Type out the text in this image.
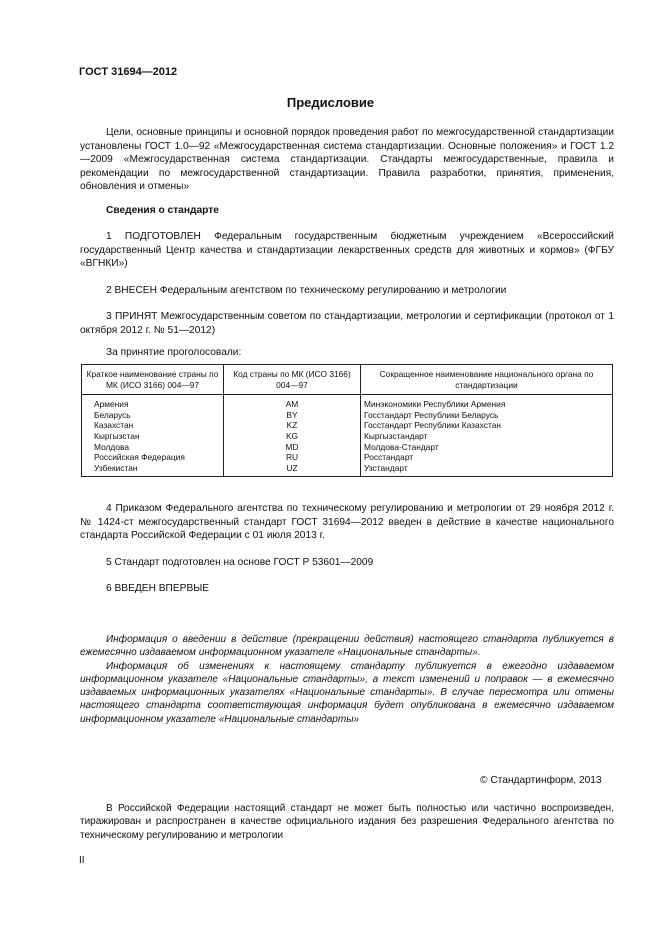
ГОСТ 31694—2012
Предисловие

Цели, основные принципы и основной порядок проведения работ по межгосударственной стандартизации установлены ГОСТ 1.0—92 «Межгосударственная система стандартизации. Основные положения» и ГОСТ 1.2—2009 «Межгосударственная система стандартизации. Стандарты межгосударственные, правила и рекомендации по межгосударственной стандартизации. Правила разработки, принятия, применения, обновления и отмены»

Сведения о стандарте

1 ПОДГОТОВЛЕН Федеральным государственным бюджетным учреждением «Всероссийский государственный Центр качества и стандартизации лекарственных средств для животных и кормов» (ФГБУ «ВГНКИ»)

2 ВНЕСЕН Федеральным агентством по техническому регулированию и метрологии

3 ПРИНЯТ Межгосударственным советом по стандартизации, метрологии и сертификации (протокол от 1 октября 2012 г. № 51—2012)

За принятие проголосовали:
Краткое наименование страны по МК (ИСО 3166) 004—97	Код страны по МК (ИСО 3166) 004—97	Сокращенное наименование национального органа по стандартизации
Армения	AM	Минэкономики Республики Армения
Беларусь	BY	Госстандарт Республики Беларусь
Казахстан	KZ	Госстандарт Республики Казахстан
Кыргызстан	KG	Кыргызстандарт
Молдова	MD	Молдова-Стандарт
Российская Федерация	RU	Росстандарт
Узбекистан	UZ	Узстандарт

4 Приказом Федерального агентства по техническому регулированию и метрологии от 29 ноября 2012 г. № 1424-ст межгосударственный стандарт ГОСТ 31694—2012 введен в действие в качестве национального стандарта Российской Федерации с 01 июля 2013 г.

5 Стандарт подготовлен на основе ГОСТ Р 53601—2009

6 ВВЕДЕН ВПЕРВЫЕ

Информация о введении в действие (прекращении действия) настоящего стандарта публикуется в ежемесячно издаваемом информационном указателе «Национальные стандарты».

Информация об изменениях к настоящему стандарту публикуется в ежегодно издаваемом информационном указателе «Национальные стандарты», а текст изменений и поправок — в ежемесячно издаваемых информационных указателях «Национальные стандарты». В случае пересмотра или отмены настоящего стандарта соответствующая информация будет опубликована в ежемесячно издаваемом информационном указателе «Национальные стандарты»

© Стандартинформ, 2013

В Российской Федерации настоящий стандарт не может быть полностью или частично воспроизведен, тиражирован и распространен в качестве официального издания без разрешения Федерального агентства по техническому регулированию и метрологии

II
